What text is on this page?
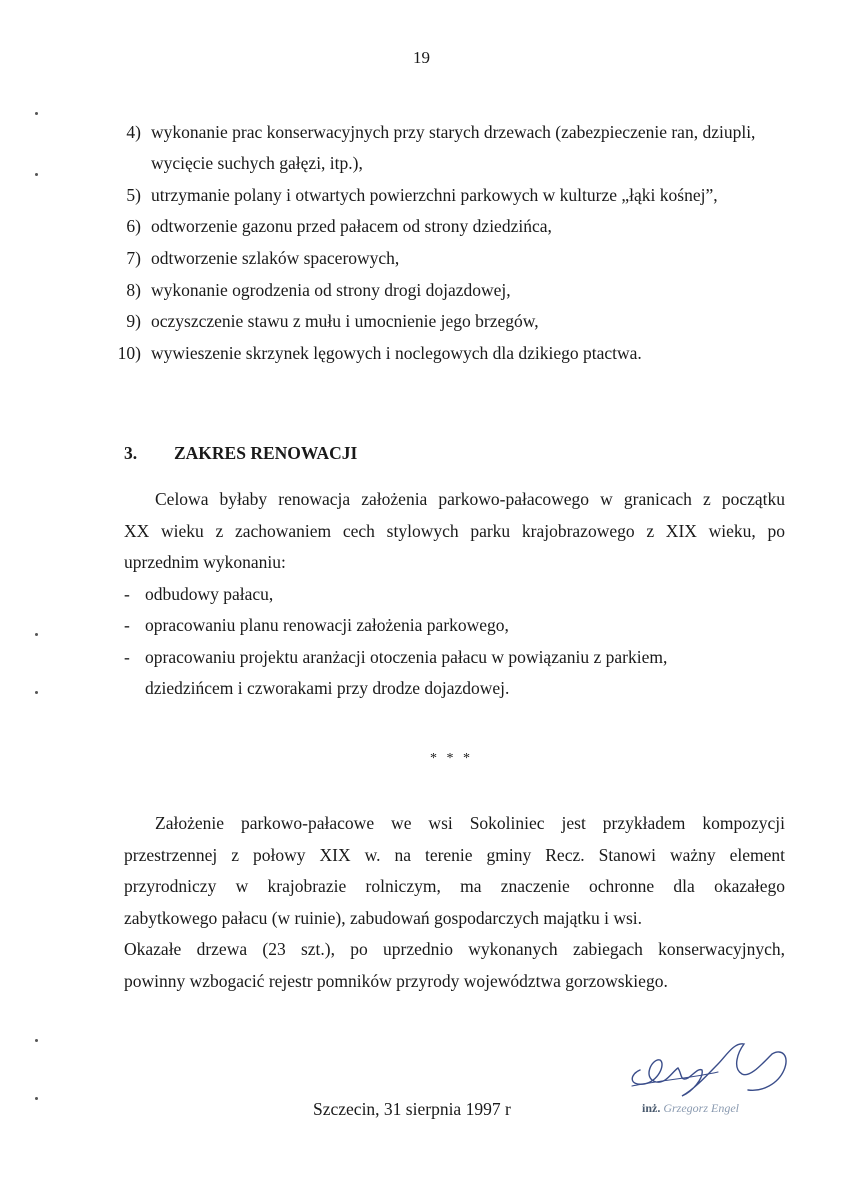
19
4) wykonanie prac konserwacyjnych przy starych drzewach (zabezpieczenie ran, dziupli,
wycięcie suchych gałęzi, itp.),
5) utrzymanie polany i otwartych powierzchni parkowych w kulturze „łąki kośnej”,
6) odtworzenie gazonu przed pałacem od strony dziedzińca,
7) odtworzenie szlaków spacerowych,
8) wykonanie ogrodzenia od strony drogi dojazdowej,
9) oczyszczenie stawu z mułu i umocnienie jego brzegów,
10) wywieszenie skrzynek lęgowych i noclegowych dla dzikiego ptactwa.
3. ZAKRES RENOWACJI
Celowa byłaby renowacja założenia parkowo-pałacowego w granicach z początku
XX wieku z zachowaniem cech stylowych parku krajobrazowego z XIX wieku, po
uprzednim wykonaniu:
- odbudowy pałacu,
- opracowaniu planu renowacji założenia parkowego,
- opracowaniu projektu aranżacji otoczenia pałacu w powiązaniu z parkiem,
dziedzińcem i czworakami przy drodze dojazdowej.
* * *
Założenie parkowo-pałacowe we wsi Sokoliniec jest przykładem kompozycji
przestrzennej z połowy XIX w. na terenie gminy Recz. Stanowi ważny element
przyrodniczy w krajobrazie rolniczym, ma znaczenie ochronne dla okazałego
zabytkowego pałacu (w ruinie), zabudowań gospodarczych majątku i wsi.
Okazałe drzewa (23 szt.), po uprzednio wykonanych zabiegach konserwacyjnych,
powinny wzbogacić rejestr pomników przyrody województwa gorzowskiego.
Szczecin, 31 sierpnia 1997 r	inż. Grzegorz Engel
